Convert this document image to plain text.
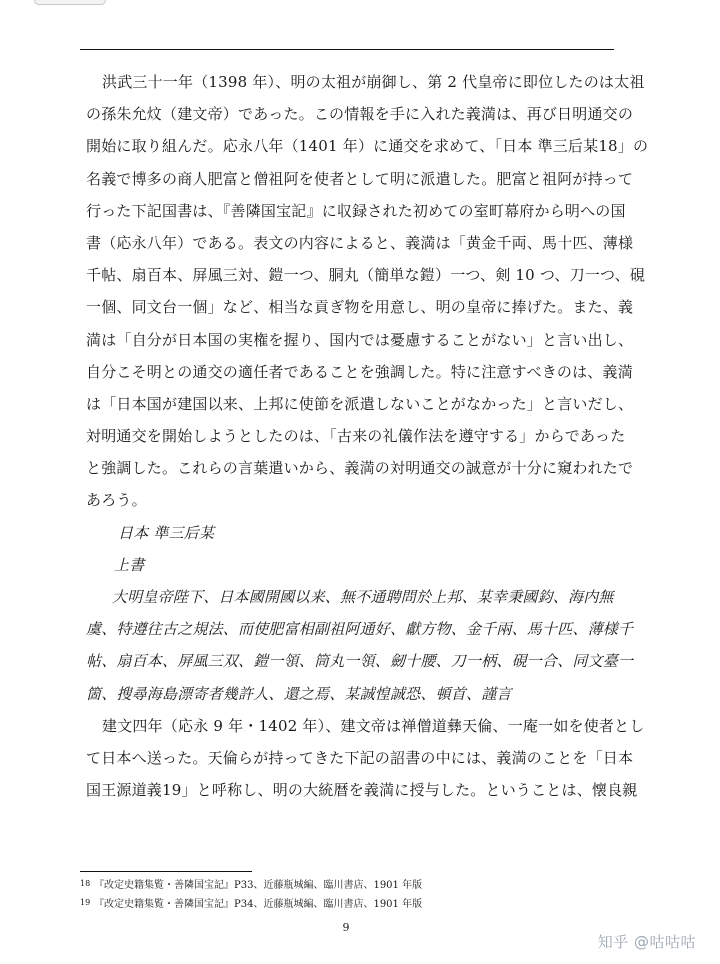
洪武三十一年（1398 年）、明の太祖が崩御し、第 2 代皇帝に即位したのは太祖
の孫朱允炆（建文帝）であった。この情報を手に入れた義満は、再び日明通交の
開始に取り組んだ。応永八年（1401 年）に通交を求めて、「日本 準三后某18」の
名義で博多の商人肥富と僧祖阿を使者として明に派遣した。肥富と祖阿が持って
行った下記国書は、『善隣国宝記』に収録された初めての室町幕府から明への国
書（応永八年）である。表文の内容によると、義満は「黄金千両、馬十匹、薄様
千帖、扇百本、屏風三対、鎧一つ、胴丸（簡単な鎧）一つ、剣 10 つ、刀一つ、硯
一個、同文台一個」など、相当な貢ぎ物を用意し、明の皇帝に捧げた。また、義
満は「自分が日本国の実権を握り、国内では憂慮することがない」と言い出し、
自分こそ明との通交の適任者であることを強調した。特に注意すべきのは、義満
は「日本国が建国以来、上邦に使節を派遣しないことがなかった」と言いだし、
対明通交を開始しようとしたのは、「古来の礼儀作法を遵守する」からであった
と強調した。これらの言葉遣いから、義満の対明通交の誠意が十分に窺われたで
あろう。
日本 準三后某
上書
大明皇帝陛下、日本國開國以来、無不通聘問於上邦、某幸秉國鈞、海内無
虞、特遵往古之規法、而使肥富相副祖阿通好、獻方物、金千兩、馬十匹、薄様千
帖、扇百本、屏風三双、鎧一領、筒丸一領、劒十腰、刀一柄、硯一合、同文臺一
箇、搜尋海島漂寄者幾許人、還之焉、某誠惶誠恐、頓首、謹言
建文四年（応永 9 年・1402 年）、建文帝は禅僧道彝天倫、一庵一如を使者とし
て日本へ送った。天倫らが持ってきた下記の詔書の中には、義満のことを「日本
国王源道義19」と呼称し、明の大統暦を義満に授与した。ということは、懐良親
18 『改定史籍集覧・善隣国宝記』P33、近藤瓶城編、臨川書店、1901 年版
19 『改定史籍集覧・善隣国宝記』P34、近藤瓶城編、臨川書店、1901 年版
9
知乎 @咕咕咕
